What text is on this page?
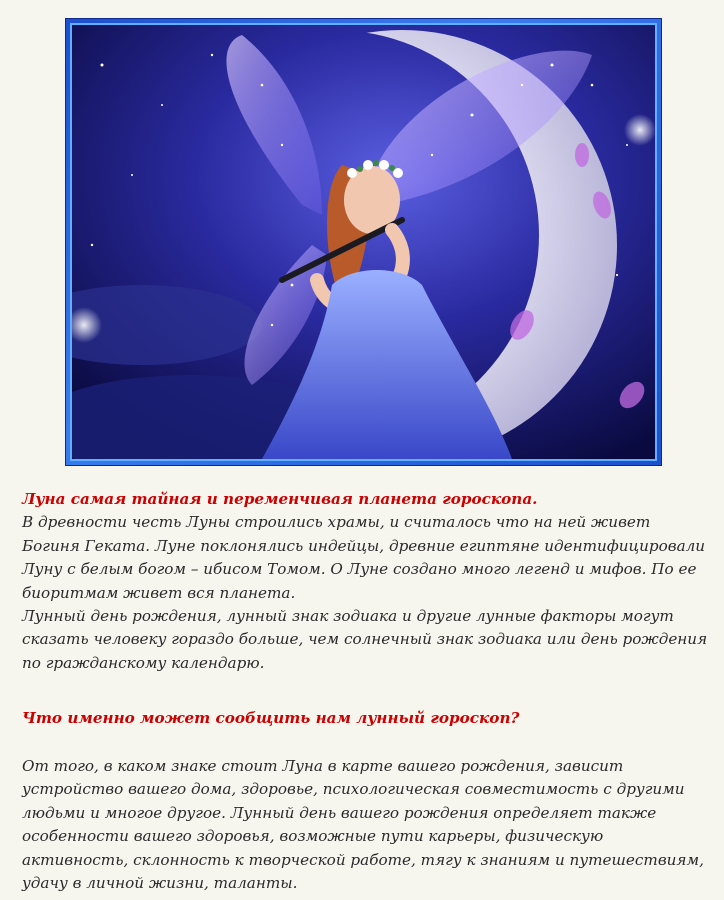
Луна самая тайная и переменчивая планета гороскопа.

В древности честь Луны строились храмы, и считалось что на ней живет Богиня Геката. Луне поклонялись индейцы, древние египтяне идентифицировали Луну с белым богом – ибисом Томом. О Луне создано много легенд и мифов. По ее биоритмам живет вся планета.

Лунный день рождения, лунный знак зодиака и другие лунные факторы могут сказать человеку гораздо больше, чем солнечный знак зодиака или день рождения по гражданскому календарю.

Что именно может сообщить нам лунный гороскоп?

От того, в каком знаке стоит Луна в карте вашего рождения, зависит устройство вашего дома, здоровье, психологическая совместимость с другими людьми и многое другое. Лунный день вашего рождения определяет также особенности вашего здоровья, возможные пути карьеры, физическую активность, склонность к творческой работе, тягу к знаниям и путешествиям, удачу в личной жизни, таланты.
